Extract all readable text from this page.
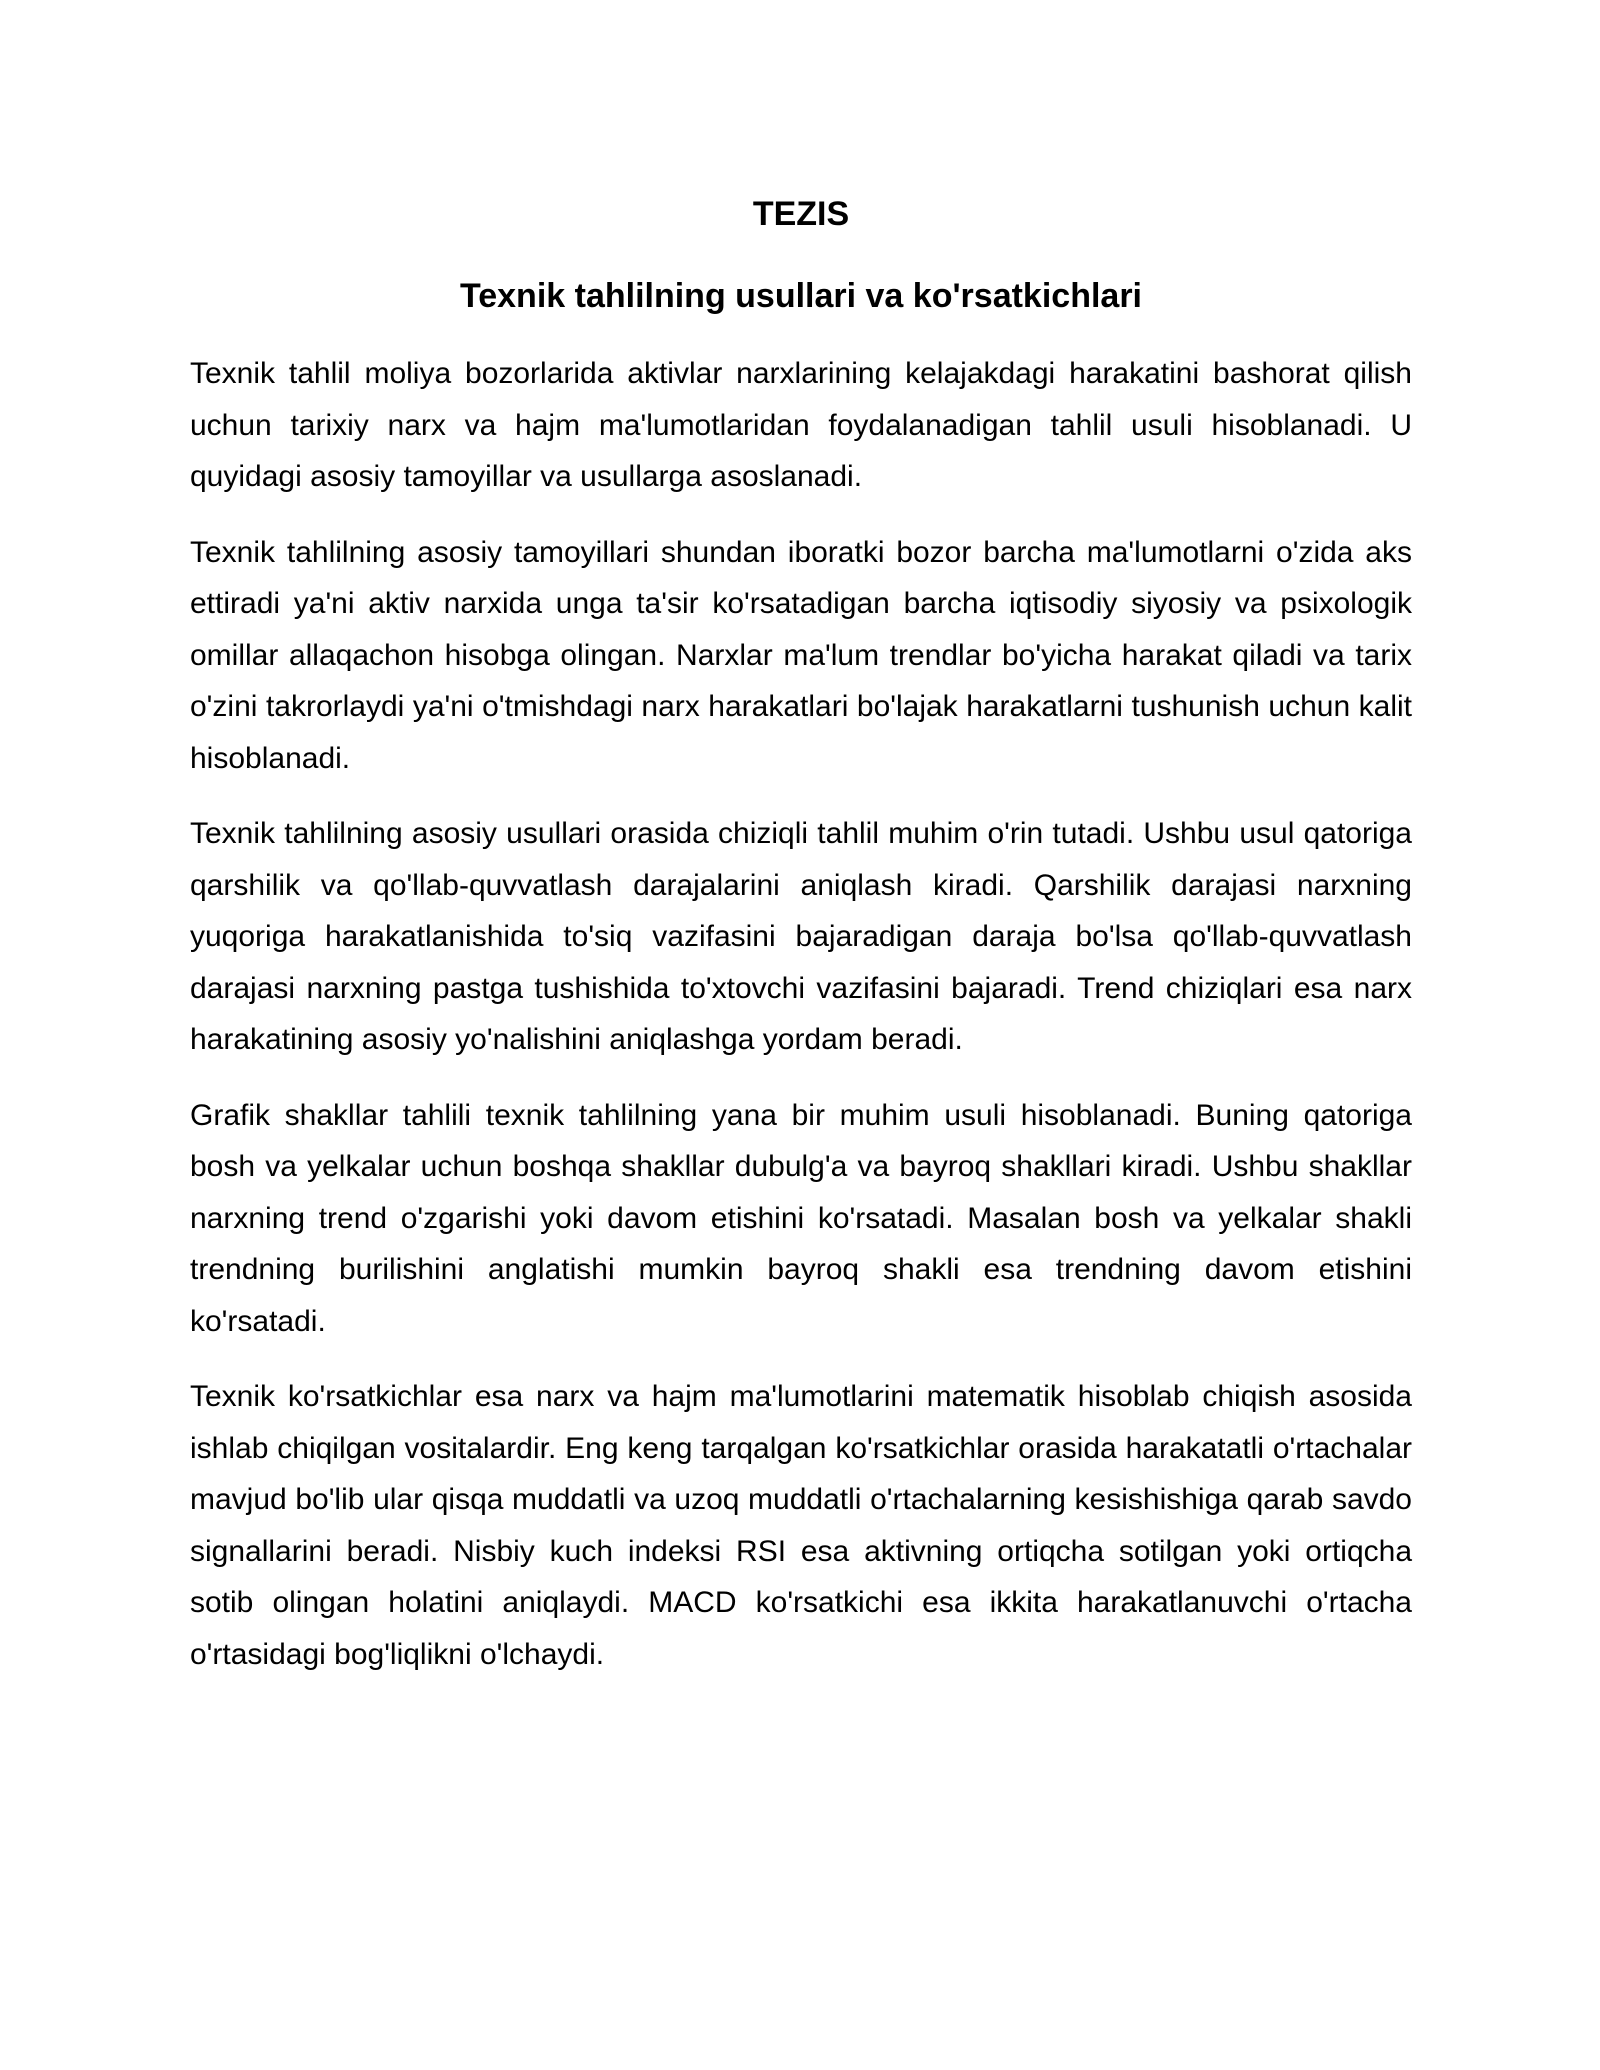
TEZIS
Texnik tahlilning usullari va ko'rsatkichlari

Texnik tahlil moliya bozorlarida aktivlar narxlarining kelajakdagi harakatini bashorat qilish uchun tarixiy narx va hajm ma'lumotlaridan foydalanadigan tahlil usuli hisoblanadi. U quyidagi asosiy tamoyillar va usullarga asoslanadi.

Texnik tahlilning asosiy tamoyillari shundan iboratki bozor barcha ma'lumotlarni o'zida aks ettiradi ya'ni aktiv narxida unga ta'sir ko'rsatadigan barcha iqtisodiy siyosiy va psixologik omillar allaqachon hisobga olingan. Narxlar ma'lum trendlar bo'yicha harakat qiladi va tarix o'zini takrorlaydi ya'ni o'tmishdagi narx harakatlari bo'lajak harakatlarni tushunish uchun kalit hisoblanadi.

Texnik tahlilning asosiy usullari orasida chiziqli tahlil muhim o'rin tutadi. Ushbu usul qatoriga qarshilik va qo'llab-quvvatlash darajalarini aniqlash kiradi. Qarshilik darajasi narxning yuqoriga harakatlanishida to'siq vazifasini bajaradigan daraja bo'lsa qo'llab-quvvatlash darajasi narxning pastga tushishida to'xtovchi vazifasini bajaradi. Trend chiziqlari esa narx harakatining asosiy yo'nalishini aniqlashga yordam beradi.

Grafik shakllar tahlili texnik tahlilning yana bir muhim usuli hisoblanadi. Buning qatoriga bosh va yelkalar uchun boshqa shakllar dubulg'a va bayroq shakllari kiradi. Ushbu shakllar narxning trend o'zgarishi yoki davom etishini ko'rsatadi. Masalan bosh va yelkalar shakli trendning burilishini anglatishi mumkin bayroq shakli esa trendning davom etishini ko'rsatadi.

Texnik ko'rsatkichlar esa narx va hajm ma'lumotlarini matematik hisoblab chiqish asosida ishlab chiqilgan vositalardir. Eng keng tarqalgan ko'rsatkichlar orasida harakatatli o'rtachalar mavjud bo'lib ular qisqa muddatli va uzoq muddatli o'rtachalarning kesishishiga qarab savdo signallarini beradi. Nisbiy kuch indeksi RSI esa aktivning ortiqcha sotilgan yoki ortiqcha sotib olingan holatini aniqlaydi. MACD ko'rsatkichi esa ikkita harakatlanuvchi o'rtacha o'rtasidagi bog'liqlikni o'lchaydi.
